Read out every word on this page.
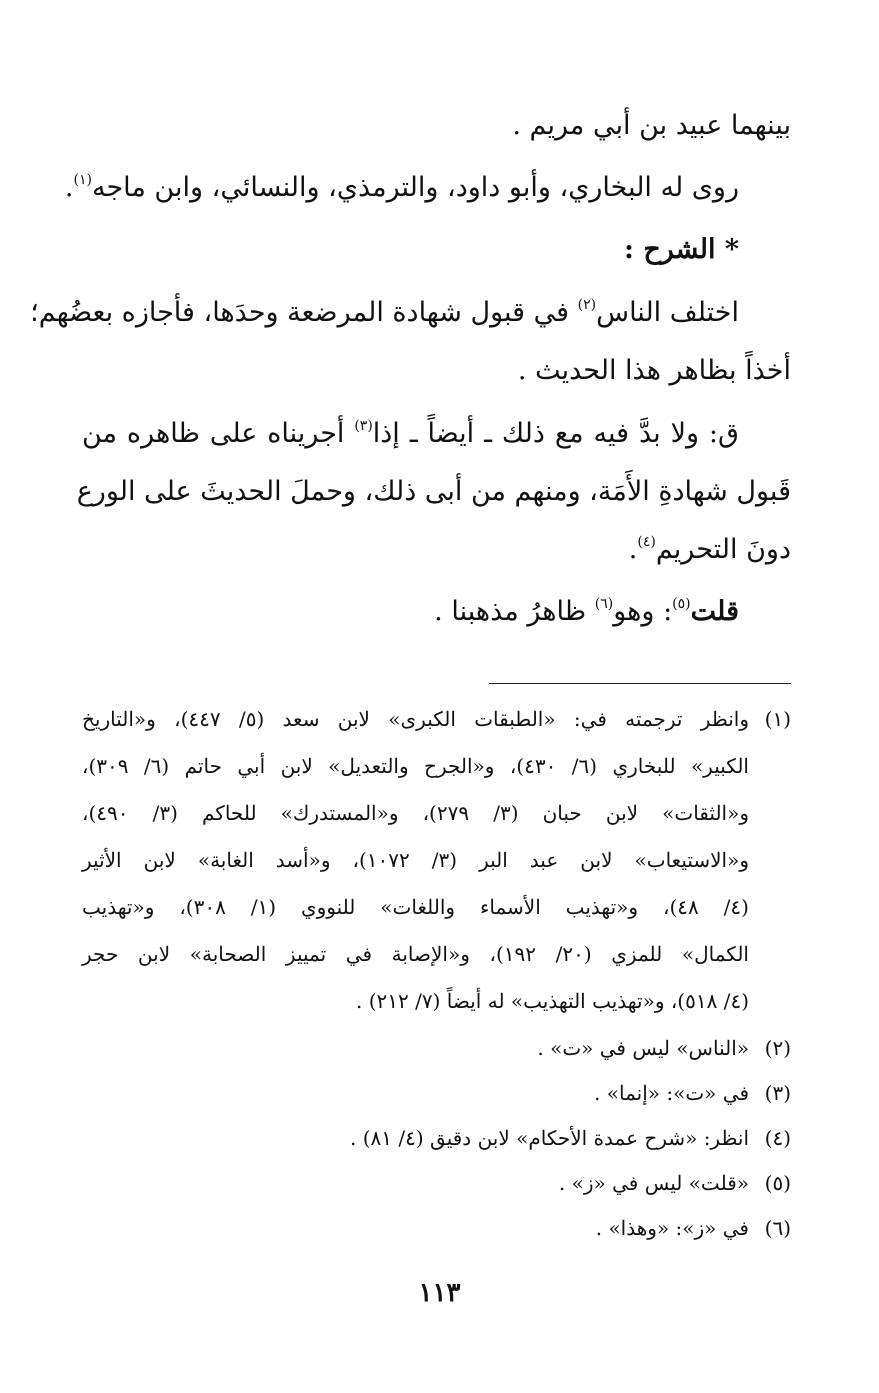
بينهما عبيد بن أبي مريم .
روى له البخاري، وأبو داود، والترمذي، والنسائي، وابن ماجه$^{(١)}$.
* الشرح :
اختلف الناس$^{(٢)}$ في قبول شهادة المرضعة وحدَها، فأجازه بعضُهم؛
أخذاً بظاهر هذا الحديث .
ق: ولا بدَّ فيه مع ذلك ـ أيضاً ـ إذا$^{(٣)}$ أجريناه على ظاهره من
قَبول شهادةِ الأَمَة، ومنهم من أبى ذلك، وحملَ الحديثَ على الورع
دونَ التحريم$^{(٤)}$.
قلت$^{(٥)}$: وهو$^{(٦)}$ ظاهرُ مذهبنا .
(١)
وانظر ترجمته في: «الطبقات الكبرى» لابن سعد (٥/ ٤٤٧)، و«التاريخ
الكبير» للبخاري (٦/ ٤٣٠)، و«الجرح والتعديل» لابن أبي حاتم (٦/ ٣٠٩)،
و«الثقات» لابن حبان (٣/ ٢٧٩)، و«المستدرك» للحاكم (٣/ ٤٩٠)،
و«الاستيعاب» لابن عبد البر (٣/ ١٠٧٢)، و«أسد الغابة» لابن الأثير
(٤/ ٤٨)، و«تهذيب الأسماء واللغات» للنووي (١/ ٣٠٨)، و«تهذيب
الكمال» للمزي (٢٠/ ١٩٢)، و«الإصابة في تمييز الصحابة» لابن حجر
(٤/ ٥١٨)، و«تهذيب التهذيب» له أيضاً (٧/ ٢١٢) .
(٢)
«الناس» ليس في «ت» .
(٣)
في «ت»: «إنما» .
(٤)
انظر: «شرح عمدة الأحكام» لابن دقيق (٤/ ٨١) .
(٥)
«قلت» ليس في «ز» .
(٦)
في «ز»: «وهذا» .
١١٣
